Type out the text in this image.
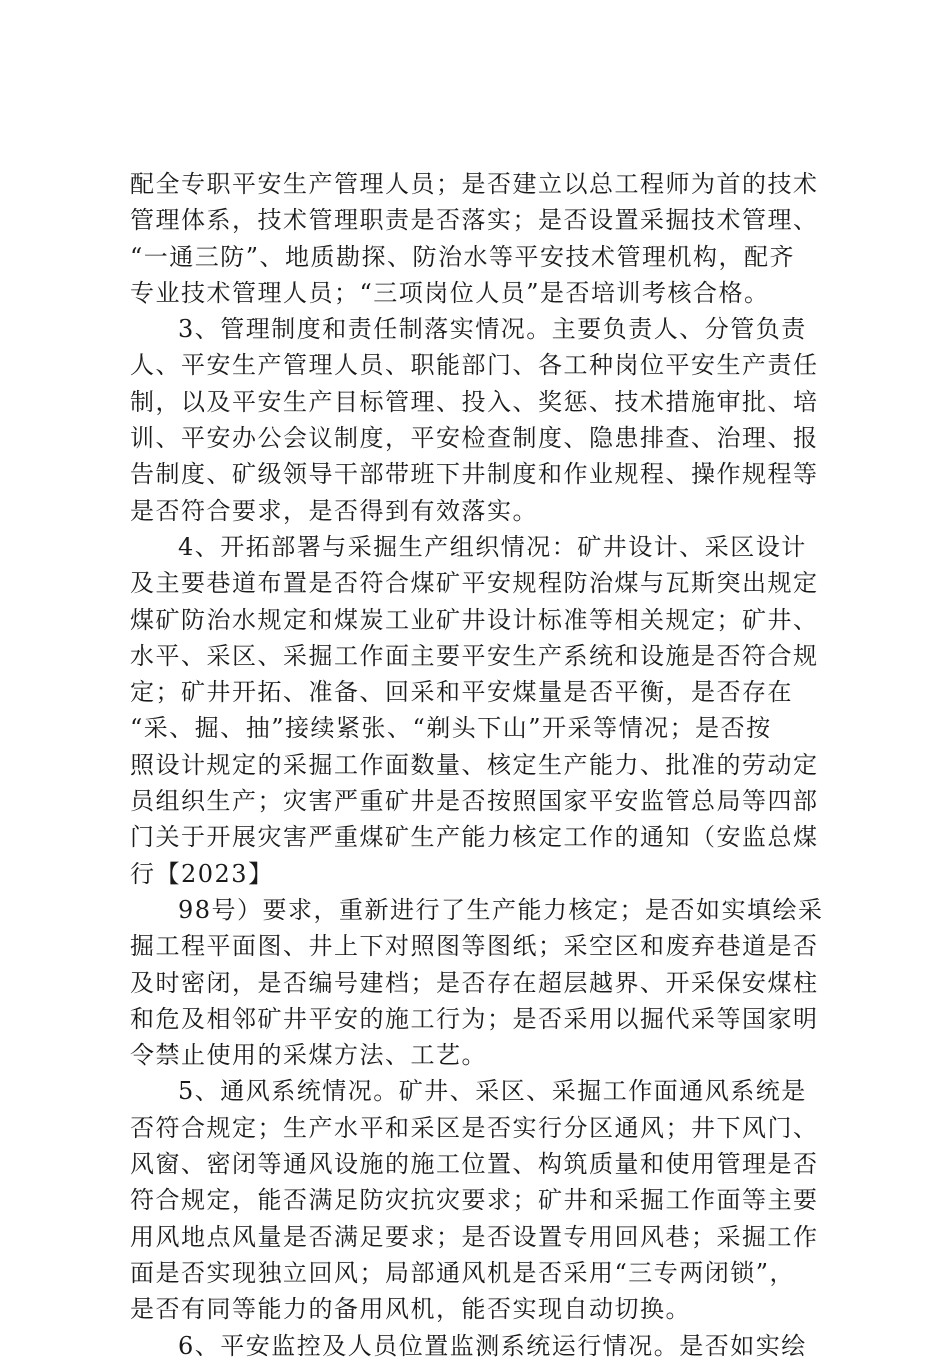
配全专职平安生产管理人员；是否建立以总工程师为首的技术
管理体系，技术管理职责是否落实；是否设置采掘技术管理、
“一通三防”、地质勘探、防治水等平安技术管理机构，配齐
专业技术管理人员；“三项岗位人员”是否培训考核合格。
3、管理制度和责任制落实情况。主要负责人、分管负责
人、平安生产管理人员、职能部门、各工种岗位平安生产责任
制，以及平安生产目标管理、投入、奖惩、技术措施审批、培
训、平安办公会议制度，平安检查制度、隐患排查、治理、报
告制度、矿级领导干部带班下井制度和作业规程、操作规程等
是否符合要求，是否得到有效落实。
4、开拓部署与采掘生产组织情况：矿井设计、采区设计
及主要巷道布置是否符合煤矿平安规程防治煤与瓦斯突出规定
煤矿防治水规定和煤炭工业矿井设计标准等相关规定；矿井、
水平、采区、采掘工作面主要平安生产系统和设施是否符合规
定；矿井开拓、准备、回采和平安煤量是否平衡，是否存在
“采、掘、抽”接续紧张、“剃头下山”开采等情况；是否按
照设计规定的采掘工作面数量、核定生产能力、批准的劳动定
员组织生产；灾害严重矿井是否按照国家平安监管总局等四部
门关于开展灾害严重煤矿生产能力核定工作的通知（安监总煤
行【2023】
98号）要求，重新进行了生产能力核定；是否如实填绘采
掘工程平面图、井上下对照图等图纸；采空区和废弃巷道是否
及时密闭，是否编号建档；是否存在超层越界、开采保安煤柱
和危及相邻矿井平安的施工行为；是否采用以掘代采等国家明
令禁止使用的采煤方法、工艺。
5、通风系统情况。矿井、采区、采掘工作面通风系统是
否符合规定；生产水平和采区是否实行分区通风；井下风门、
风窗、密闭等通风设施的施工位置、构筑质量和使用管理是否
符合规定，能否满足防灾抗灾要求；矿井和采掘工作面等主要
用风地点风量是否满足要求；是否设置专用回风巷；采掘工作
面是否实现独立回风；局部通风机是否采用“三专两闭锁”，
是否有同等能力的备用风机，能否实现自动切换。
6、平安监控及人员位置监测系统运行情况。是否如实绘
